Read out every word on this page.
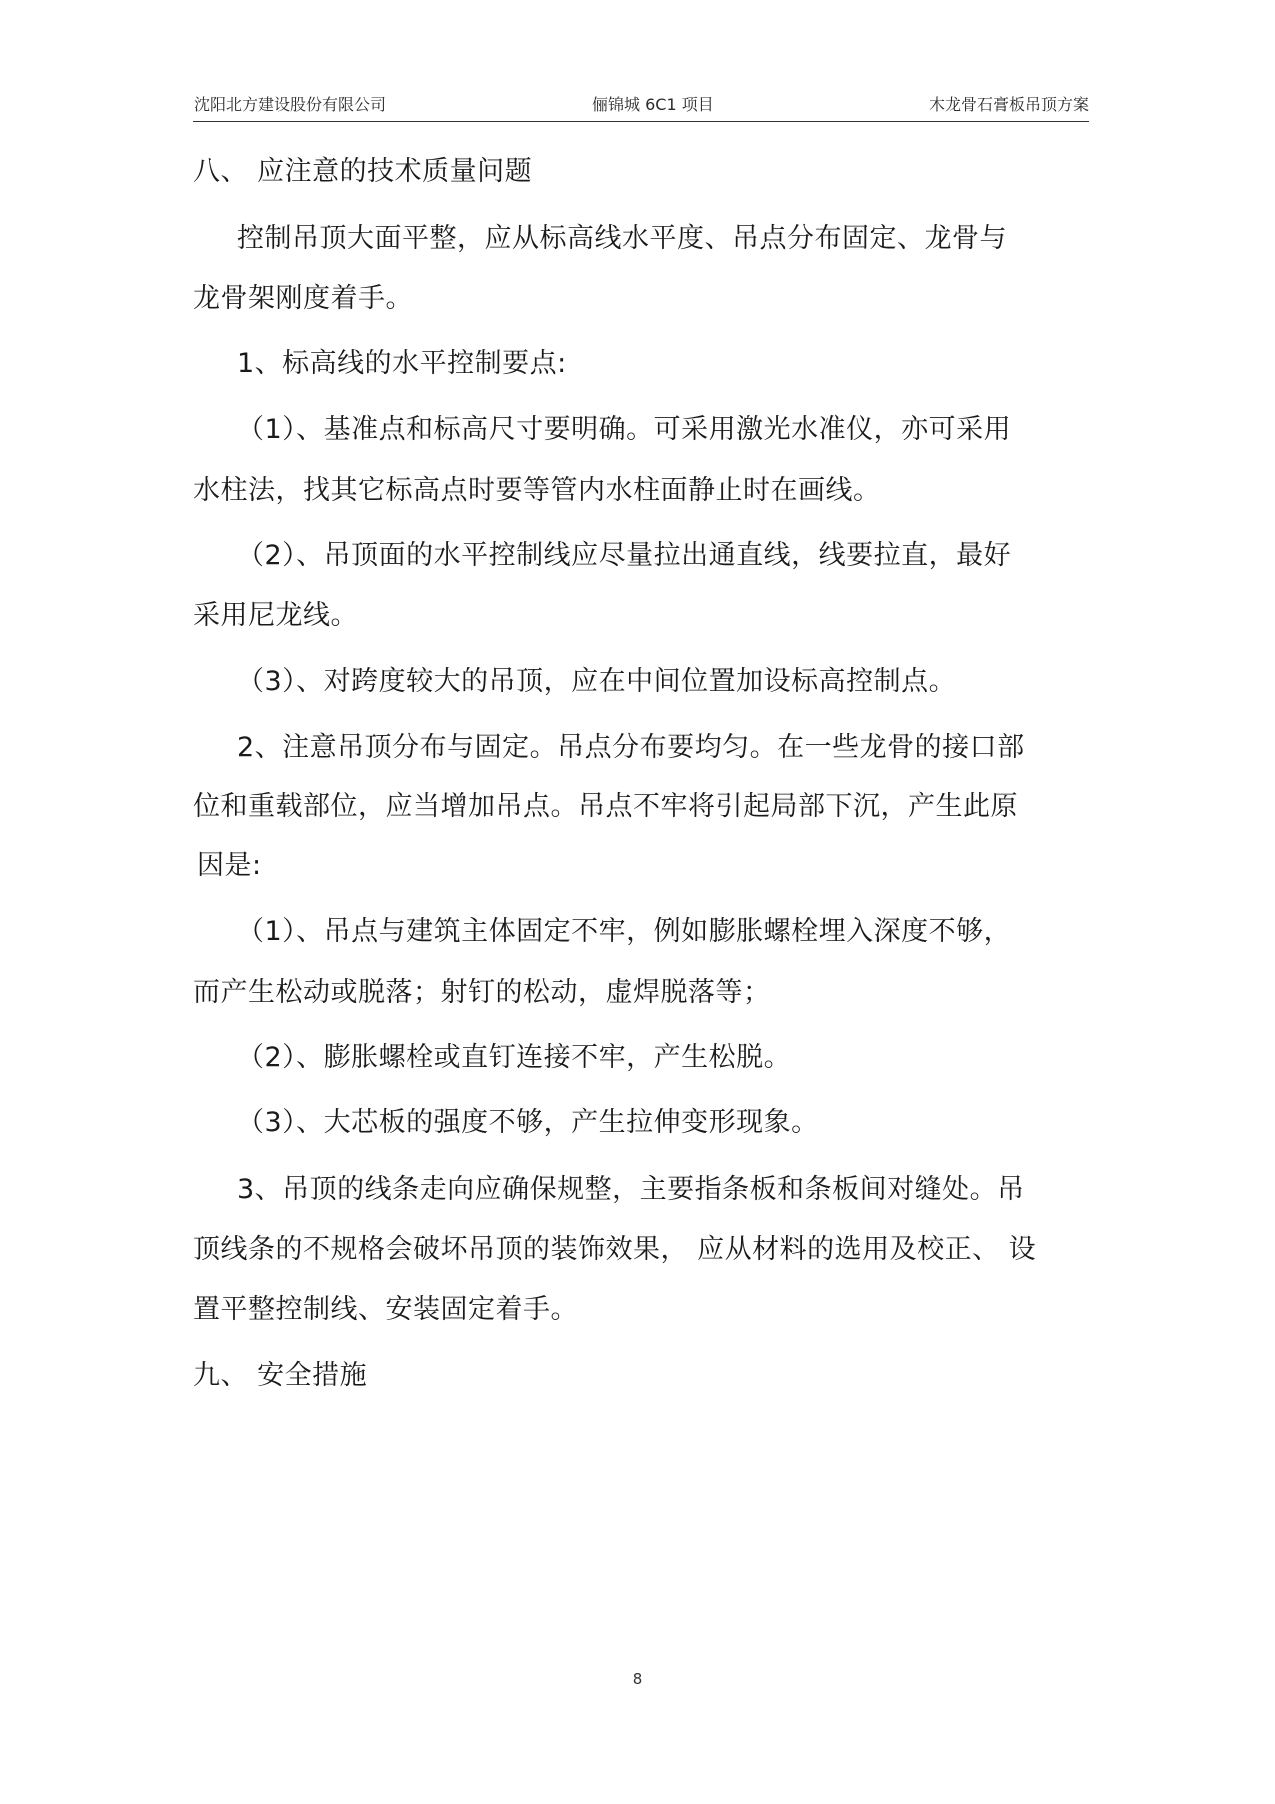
沈阳北方建设股份有限公司	俪锦城 6C1 项目	木龙骨石膏板吊顶方案
八、 应注意的技术质量问题
控制吊顶大面平整，应从标高线水平度、吊点分布固定、龙骨与
龙骨架刚度着手。
1、标高线的水平控制要点:
（1）、基准点和标高尺寸要明确。可采用激光水准仪，亦可采用
水柱法，找其它标高点时要等管内水柱面静止时在画线。
（2）、吊顶面的水平控制线应尽量拉出通直线，线要拉直，最好
采用尼龙线。
（3）、对跨度较大的吊顶，应在中间位置加设标高控制点。
2、注意吊顶分布与固定。吊点分布要均匀。在一些龙骨的接口部
位和重载部位，应当增加吊点。吊点不牢将引起局部下沉，产生此原
因是:
（1）、吊点与建筑主体固定不牢，例如膨胀螺栓埋入深度不够，
而产生松动或脱落；射钉的松动，虚焊脱落等；
（2）、膨胀螺栓或直钉连接不牢，产生松脱。
（3）、大芯板的强度不够，产生拉伸变形现象。
3、吊顶的线条走向应确保规整，主要指条板和条板间对缝处。吊
顶线条的不规格会破坏吊顶的装饰效果， 应从材料的选用及校正、 设
置平整控制线、安装固定着手。
九、 安全措施
8
